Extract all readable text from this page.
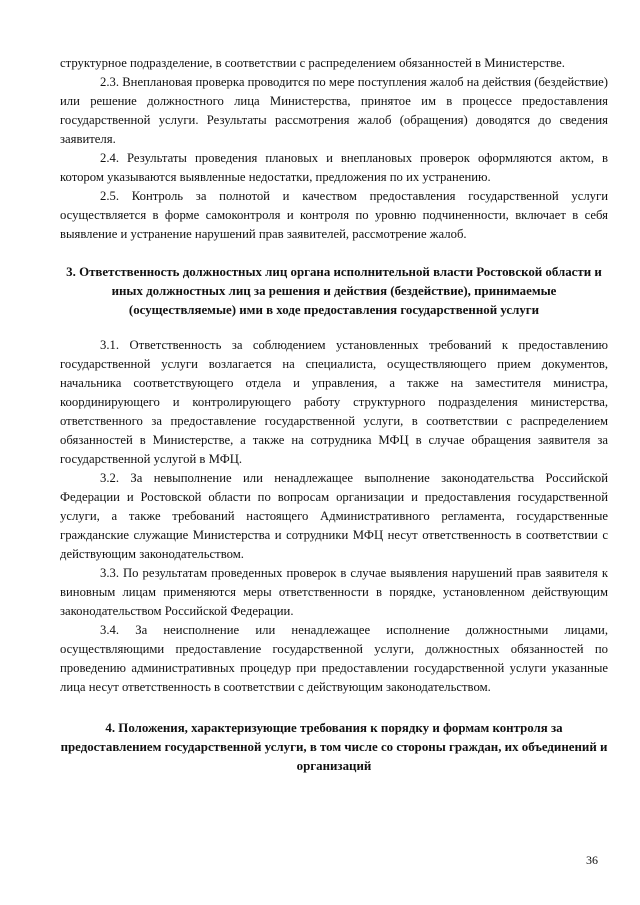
структурное подразделение, в соответствии с распределением обязанностей в Министерстве.

2.3. Внеплановая проверка проводится по мере поступления жалоб на действия (бездействие) или решение должностного лица Министерства, принятое им в процессе предоставления государственной услуги. Результаты рассмотрения жалоб (обращения) доводятся до сведения заявителя.

2.4. Результаты проведения плановых и внеплановых проверок оформляются актом, в котором указываются выявленные недостатки, предложения по их устранению.

2.5. Контроль за полнотой и качеством предоставления государственной услуги осуществляется в форме самоконтроля и контроля по уровню подчиненности, включает в себя выявление и устранение нарушений прав заявителей, рассмотрение жалоб.

3. Ответственность должностных лиц органа исполнительной власти Ростовской области и иных должностных лиц за решения и действия (бездействие), принимаемые (осуществляемые) ими в ходе предоставления государственной услуги

3.1. Ответственность за соблюдением установленных требований к предоставлению государственной услуги возлагается на специалиста, осуществляющего прием документов, начальника соответствующего отдела и управления, а также на заместителя министра, координирующего и контролирующего работу структурного подразделения министерства, ответственного за предоставление государственной услуги, в соответствии с распределением обязанностей в Министерстве, а также на сотрудника МФЦ в случае обращения заявителя за государственной услугой в МФЦ.

3.2. За невыполнение или ненадлежащее выполнение законодательства Российской Федерации и Ростовской области по вопросам организации и предоставления государственной услуги, а также требований настоящего Административного регламента, государственные гражданские служащие Министерства и сотрудники МФЦ несут ответственность в соответствии с действующим законодательством.

3.3. По результатам проведенных проверок в случае выявления нарушений прав заявителя к виновным лицам применяются меры ответственности в порядке, установленном действующим законодательством Российской Федерации.

3.4. За неисполнение или ненадлежащее исполнение должностными лицами, осуществляющими предоставление государственной услуги, должностных обязанностей по проведению административных процедур при предоставлении государственной услуги указанные лица несут ответственность в соответствии с действующим законодательством.

4. Положения, характеризующие требования к порядку и формам контроля за предоставлением государственной услуги, в том числе со стороны граждан, их объединений и организаций

36
